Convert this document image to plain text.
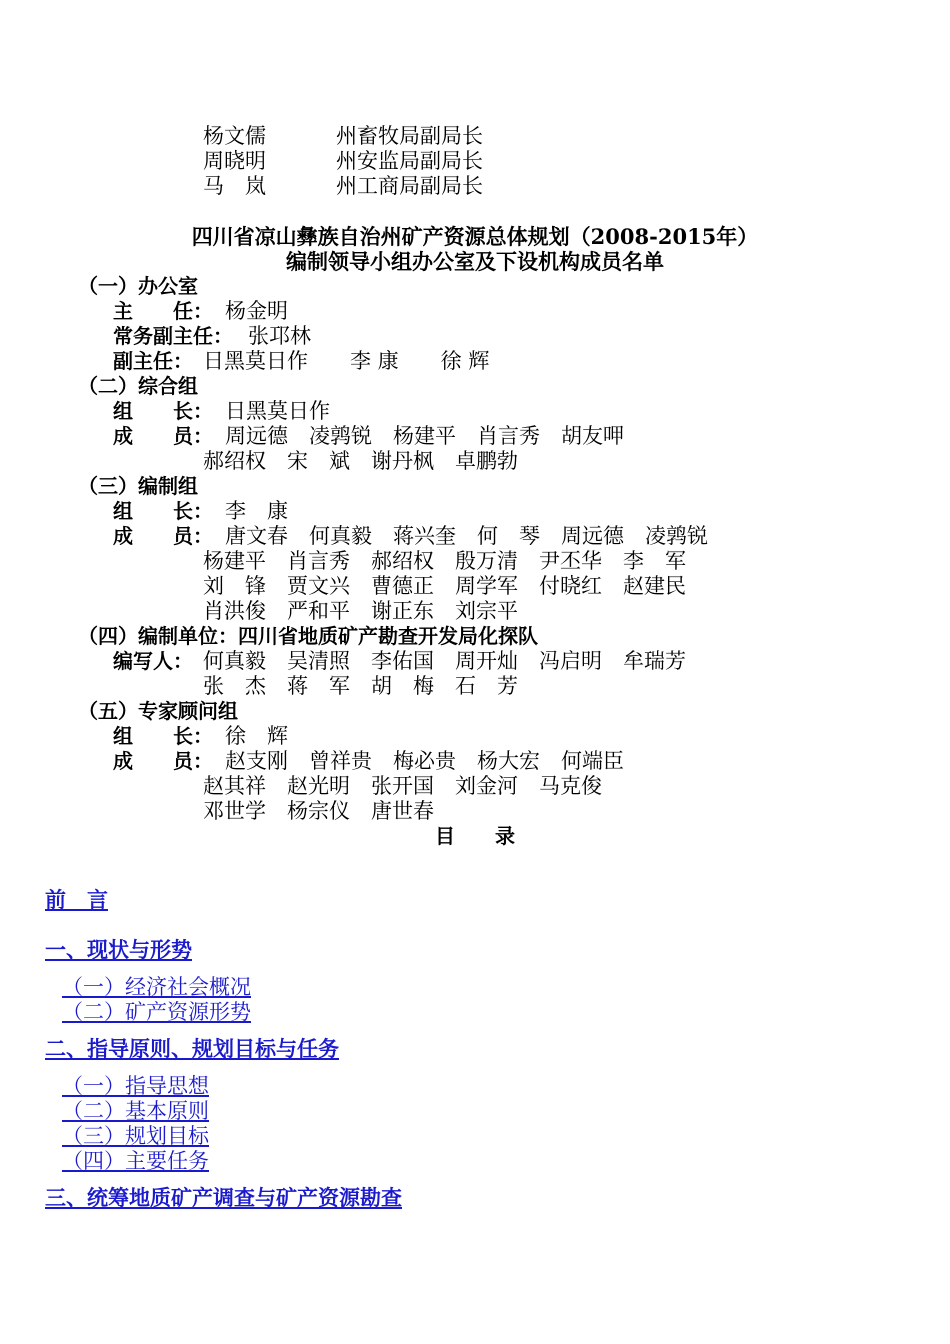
杨文儒	州畜牧局副局长
周晓明	州安监局副局长
马　岚	州工商局副局长
四川省凉山彝族自治州矿产资源总体规划（2008-2015年）
编制领导小组办公室及下设机构成员名单
（一）办公室
主　　任： 杨金明
常务副主任： 张邛林
副主任： 日黑莫日作　　李 康　　徐 辉
（二）综合组
组　　长： 日黑莫日作
成　　员： 周远德　凌鹑锐　杨建平　肖言秀　胡友呷
郝绍权　宋　斌　谢丹枫　卓鹏勃
（三）编制组
组　　长： 李　康
成　　员： 唐文春　何真毅　蒋兴奎　何　琴　周远德　凌鹑锐
杨建平　肖言秀　郝绍权　殷万清　尹丕华　李　军
刘　锋　贾文兴　曹德正　周学军　付晓红　赵建民
肖洪俊　严和平　谢正东　刘宗平
（四）编制单位：四川省地质矿产勘查开发局化探队
编写人： 何真毅　吴清照　李佑国　周开灿　冯启明　牟瑞芳
张　杰　蒋　军　胡　梅　石　芳
（五）专家顾问组
组　　长： 徐　辉
成　　员： 赵支刚　曾祥贵　梅必贵　杨大宏　何端臣
赵其祥　赵光明　张开国　刘金河　马克俊
邓世学　杨宗仪　唐世春
目　　录
前　言
一、现状与形势
（一）经济社会概况
（二）矿产资源形势
二、指导原则、规划目标与任务
（一）指导思想
（二）基本原则
（三）规划目标
（四）主要任务
三、统筹地质矿产调查与矿产资源勘查
